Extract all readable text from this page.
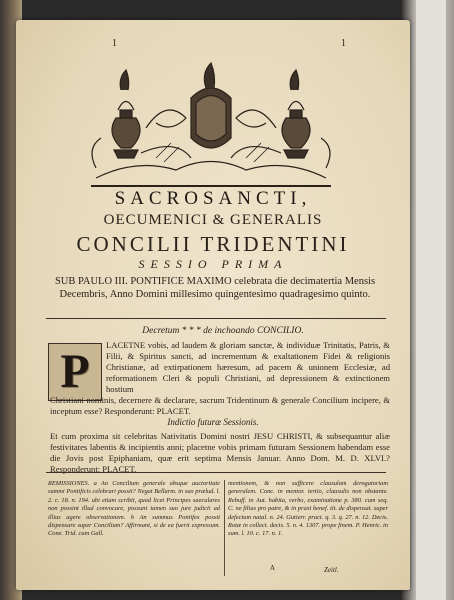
1	1
SACROSANCTI,
OECUMENICI & GENERALIS
CONCILII TRIDENTINI
SESSIO PRIMA
SUB PAULO III. PONTIFICE MAXIMO celebrata die decimatertia Mensis Decembris, Anno Domini millesimo quingentesimo quadragesimo quinto.
Decretum * * * de inchoando CONCILIO.
P LACETNE vobis, ad laudem & gloriam sanctæ, & individuæ Trinitatis, Patris, & Filii, & Spiritus sancti, ad incrementum & exaltationem Fidei & religionis Christianæ, ad extirpationem hæresum, ad pacem & unionem Ecclesiæ, ad reformationem Cleri & populi Christiani, ad depressionem & extinctionem hostium
Christiani nominis, decernere & declarare, sacrum Tridentinum & generale Concilium incipere, & inceptum esse? Responderunt: PLACET.
Indictio futuræ Sessionis.
Et cum proxima sit celebritas Nativitatis Domini nostri JESU CHRISTI, & subsequantur aliæ festivitates labentis & incipientis anni; placetne vobis primam futuram Sessionem habendam esse die Jovis post Epiphaniam, quæ erit septima Mensis Januar. Anno Dom. M. D. XLVI.? Responderunt: PLACET.
REMISSIONES. a An Concilium generale absque auctoritate summi Pontificis celebrari possit? Negat Bellarm. in suo prælud. l. 2. c. 18. n. 194. ubi etiam scribit, quod licet Principes saeculares non possint illud convocare, possunt tamen suo jure judicii ad illius agere observationem. b An summus Pontifex possit dispensare super Concilium? Affirmant, si de ea fuerit expressum. Cone. Trid. cum Gall.
mentionem, & non sufficere clausulam derogatoriam generalem. Conc. in mentor. tertio, clausulis non obstante. Rebuff. in Aut. habita, verbo, examinatione p. 380. cum seq. C. ne filius pro patre, & in praxi benef. tit. de dispensat. super defectum natal. n. 24. Gutierr. pract. q. 3. q. 27. n. 12. Decis. Rotæ in collect. decis. 5. n. 4. 1307. prope finem. P. Henric. in sum. l. 10. c. 17. n. 1.
A	Zeitl.
